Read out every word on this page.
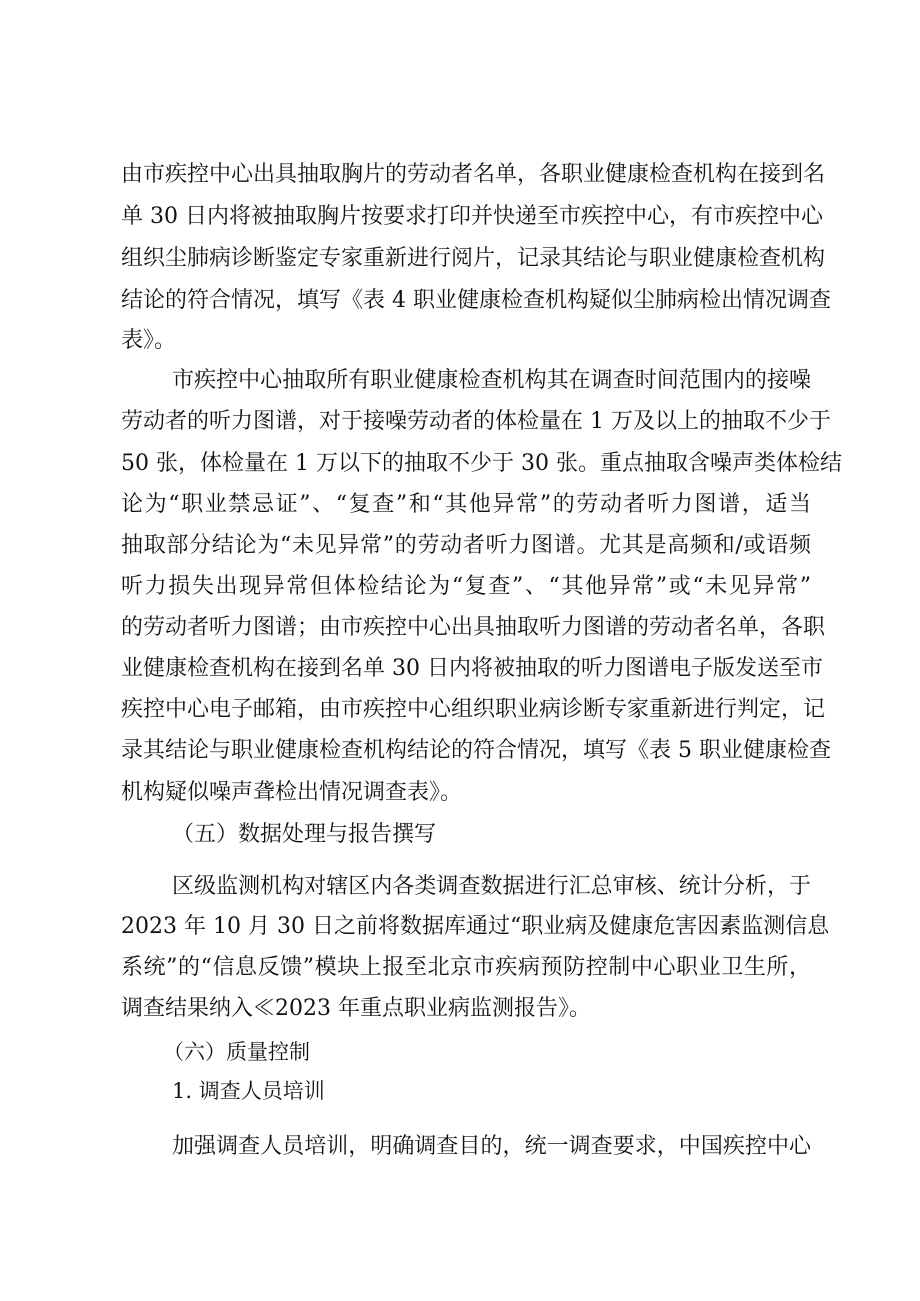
由市疾控中心出具抽取胸片的劳动者名单，各职业健康检查机构在接到名
单 30 日内将被抽取胸片按要求打印并快递至市疾控中心，有市疾控中心
组织尘肺病诊断鉴定专家重新进行阅片，记录其结论与职业健康检查机构
结论的符合情况，填写《表 4 职业健康检查机构疑似尘肺病检出情况调查
表》。
市疾控中心抽取所有职业健康检查机构其在调查时间范围内的接噪
劳动者的听力图谱，对于接噪劳动者的体检量在 1 万及以上的抽取不少于
50 张，体检量在 1 万以下的抽取不少于 30 张。重点抽取含噪声类体检结
论为“职业禁忌证”、“复查”和“其他异常”的劳动者听力图谱，适当
抽取部分结论为“未见异常”的劳动者听力图谱。尤其是高频和/或语频
听力损失出现异常但体检结论为“复查”、“其他异常”或“未见异常”
的劳动者听力图谱；由市疾控中心出具抽取听力图谱的劳动者名单，各职
业健康检查机构在接到名单 30 日内将被抽取的听力图谱电子版发送至市
疾控中心电子邮箱，由市疾控中心组织职业病诊断专家重新进行判定，记
录其结论与职业健康检查机构结论的符合情况，填写《表 5 职业健康检查
机构疑似噪声聋检出情况调查表》。
（五）数据处理与报告撰写
区级监测机构对辖区内各类调查数据进行汇总审核、统计分析，于
2023 年 10 月 30 日之前将数据库通过“职业病及健康危害因素监测信息
系统”的“信息反馈”模块上报至北京市疾病预防控制中心职业卫生所，
调查结果纳入≪2023 年重点职业病监测报告》。
（六）质量控制
1. 调查人员培训
加强调查人员培训，明确调查目的，统一调查要求，中国疾控中心
